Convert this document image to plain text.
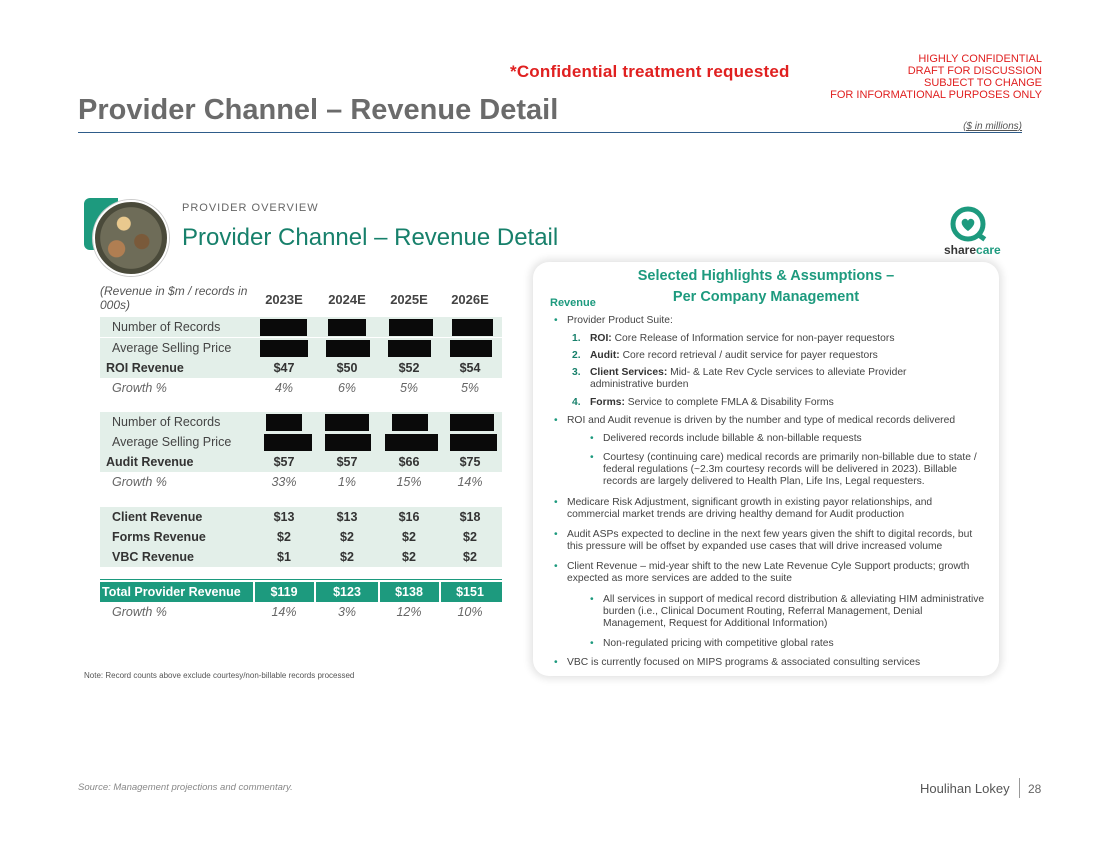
*Confidential treatment requested
HIGHLY CONFIDENTIAL
DRAFT FOR DISCUSSION
SUBJECT TO CHANGE
FOR INFORMATIONAL PURPOSES ONLY
Provider Channel – Revenue Detail
($ in millions)
PROVIDER OVERVIEW
Provider Channel – Revenue Detail	sharecare
(Revenue in $m / records in 000s)	2023E	2024E	2025E	2026E
Number of Records
Average Selling Price
ROI Revenue	$47	$50	$52	$54
Growth %	4%	6%	5%	5%
Number of Records
Average Selling Price
Audit Revenue	$57	$57	$66	$75
Growth %	33%	1%	15%	14%
Client Revenue	$13	$13	$16	$18
Forms Revenue	$2	$2	$2	$2
VBC Revenue	$1	$2	$2	$2
Total Provider Revenue	$119	$123	$138	$151
Growth %	14%	3%	12%	10%
Note: Record counts above exclude courtesy/non-billable records processed
Selected Highlights & Assumptions –
Per Company Management
Revenue
• Provider Product Suite:
1. ROI: Core Release of Information service for non-payer requestors
2. Audit: Core record retrieval / audit service for payer requestors
3. Client Services: Mid- & Late Rev Cycle services to alleviate Provider administrative burden
4. Forms: Service to complete FMLA & Disability Forms
• ROI and Audit revenue is driven by the number and type of medical records delivered
• Delivered records include billable & non-billable requests
• Courtesy (continuing care) medical records are primarily non-billable due to state / federal regulations (~2.3m courtesy records will be delivered in 2023). Billable records are largely delivered to Health Plan, Life Ins, Legal requesters.
• Medicare Risk Adjustment, significant growth in existing payor relationships, and commercial market trends are driving healthy demand for Audit production
• Audit ASPs expected to decline in the next few years given the shift to digital records, but this pressure will be offset by expanded use cases that will drive increased volume
• Client Revenue – mid-year shift to the new Late Revenue Cyle Support products; growth expected as more services are added to the suite
• All services in support of medical record distribution & alleviating HIM administrative burden (i.e., Clinical Document Routing, Referral Management, Denial Management, Request for Additional Information)
• Non-regulated pricing with competitive global rates
• VBC is currently focused on MIPS programs & associated consulting services
Source: Management projections and commentary.	Houlihan Lokey 28
